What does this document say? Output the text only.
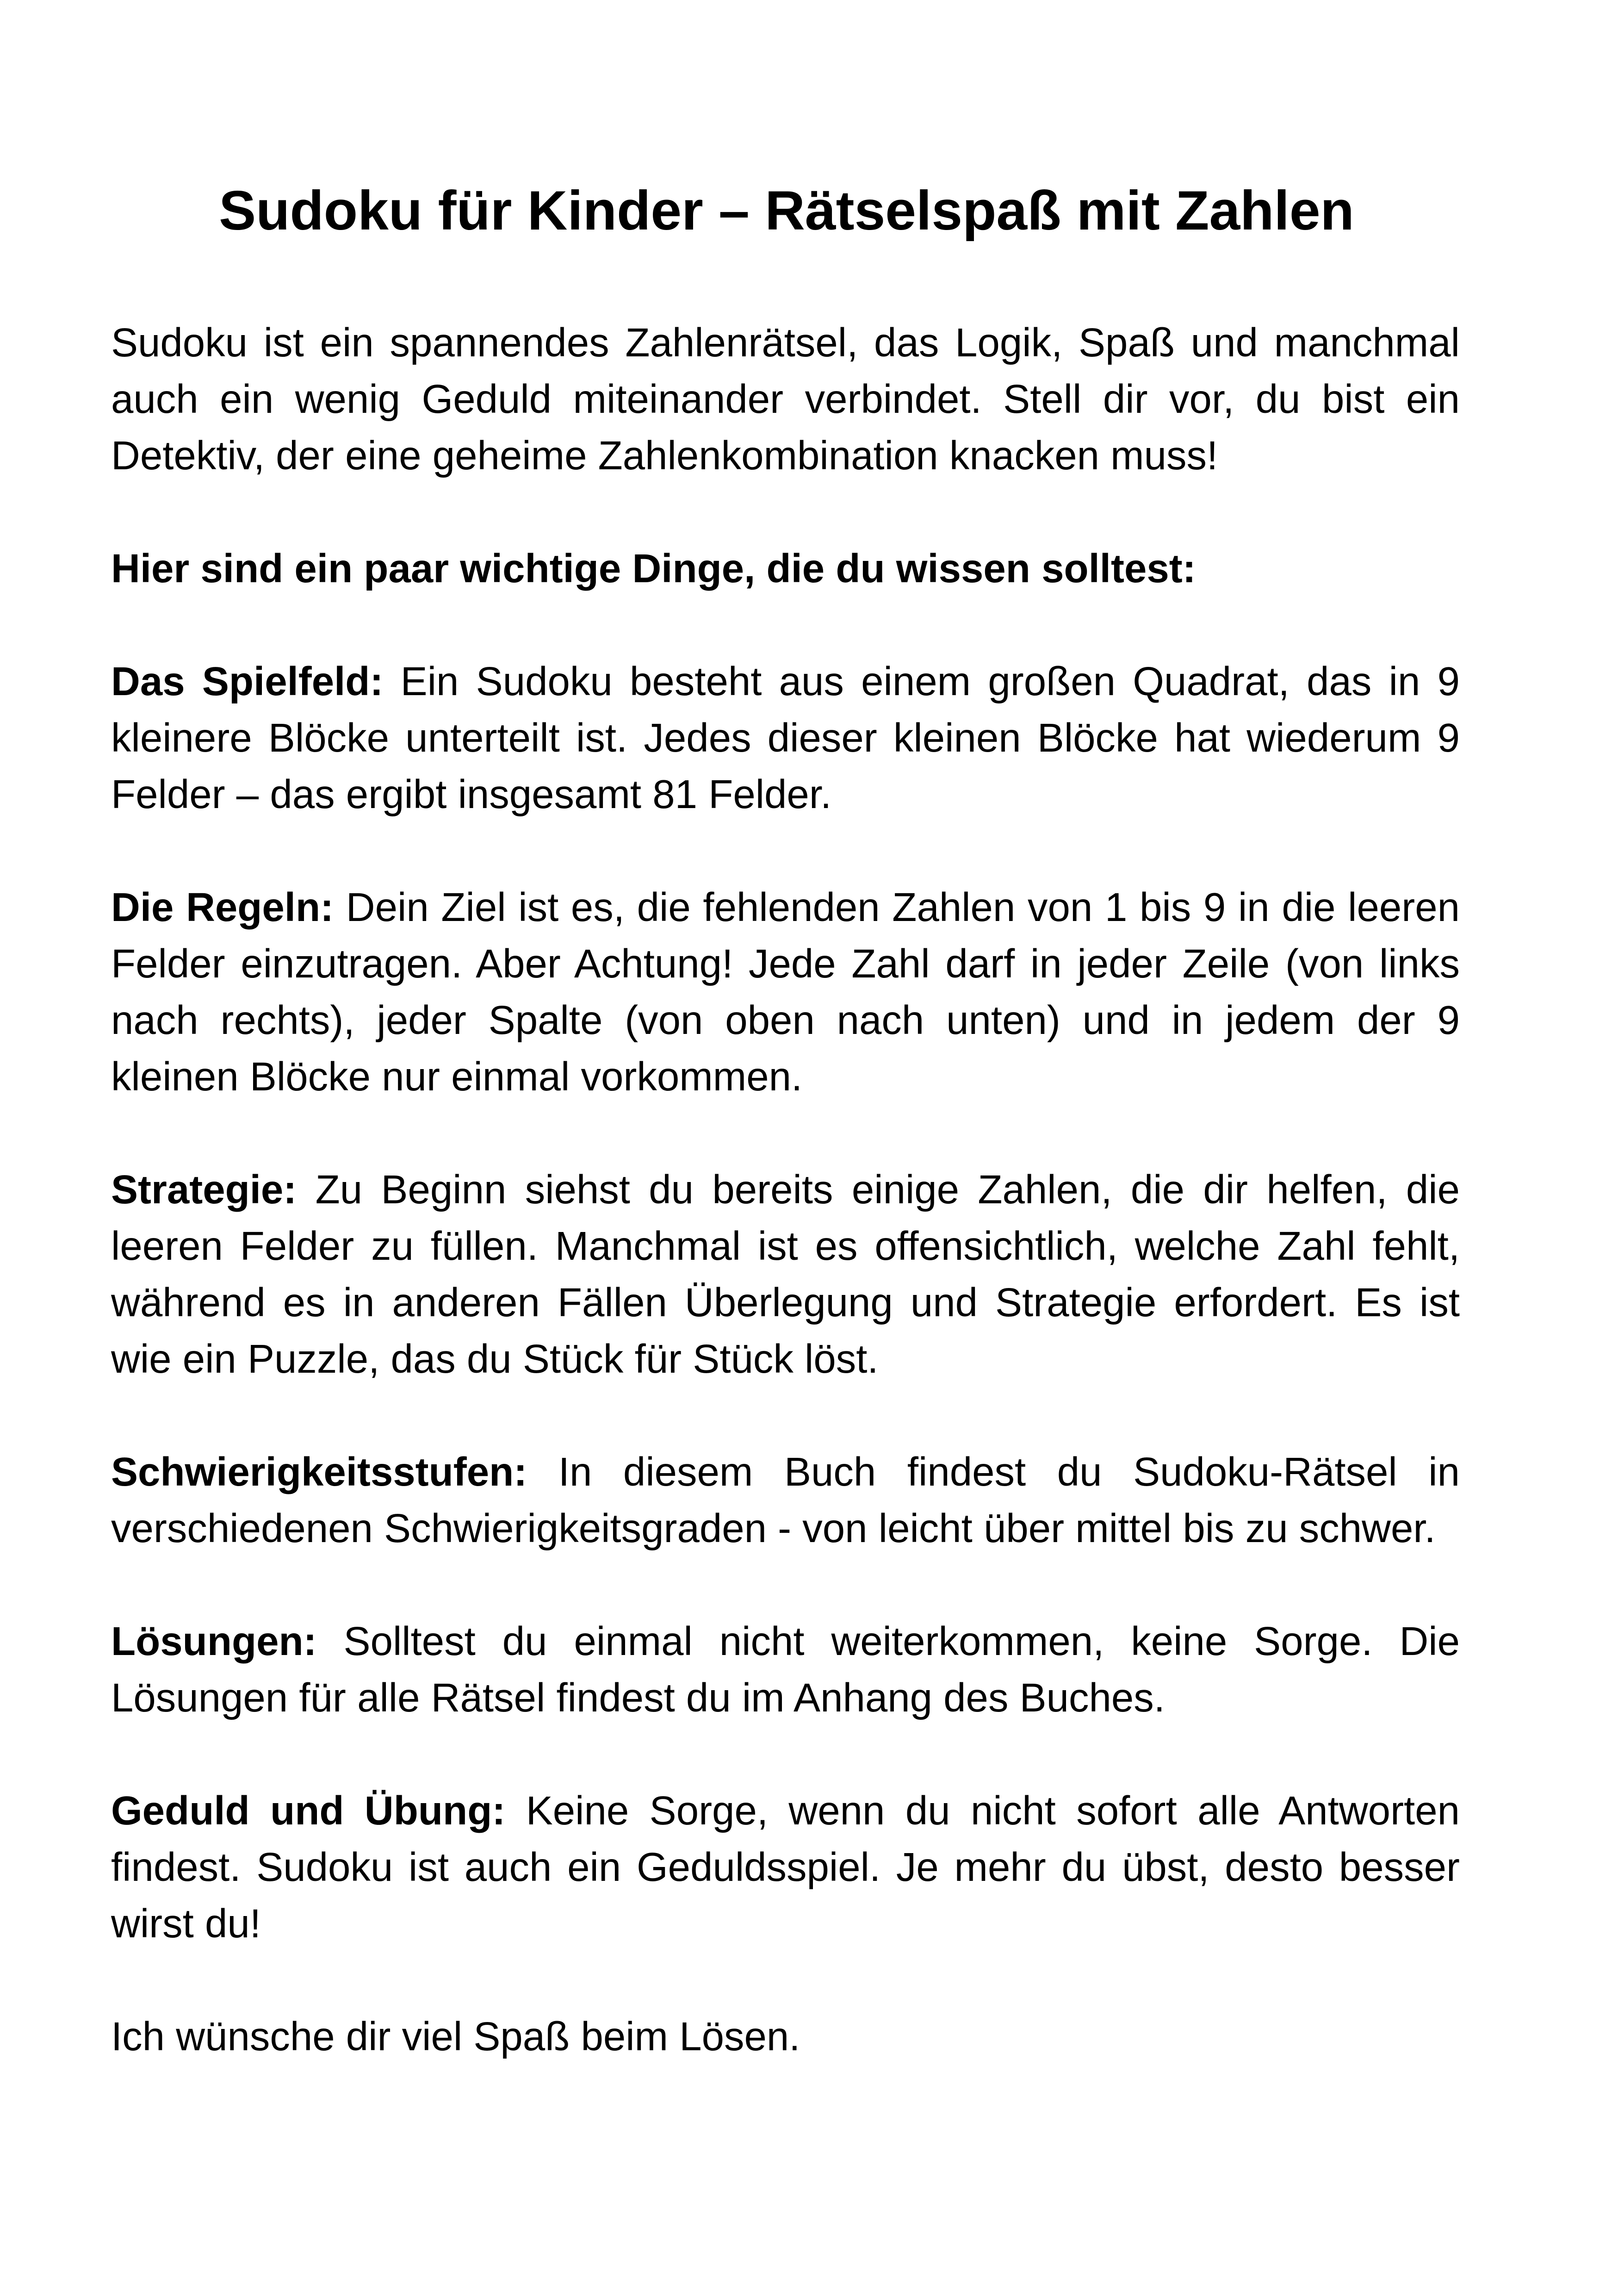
Sudoku für Kinder – Rätselspaß mit Zahlen

Sudoku ist ein spannendes Zahlenrätsel, das Logik, Spaß und manchmal auch ein wenig Geduld miteinander verbindet. Stell dir vor, du bist ein Detektiv, der eine geheime Zahlenkombination knacken muss!

Hier sind ein paar wichtige Dinge, die du wissen solltest:

Das Spielfeld: Ein Sudoku besteht aus einem großen Quadrat, das in 9 kleinere Blöcke unterteilt ist. Jedes dieser kleinen Blöcke hat wiederum 9 Felder – das ergibt insgesamt 81 Felder.

Die Regeln: Dein Ziel ist es, die fehlenden Zahlen von 1 bis 9 in die leeren Felder einzutragen. Aber Achtung! Jede Zahl darf in jeder Zeile (von links nach rechts), jeder Spalte (von oben nach unten) und in jedem der 9 kleinen Blöcke nur einmal vorkommen.

Strategie: Zu Beginn siehst du bereits einige Zahlen, die dir helfen, die leeren Felder zu füllen. Manchmal ist es offensichtlich, welche Zahl fehlt, während es in anderen Fällen Überlegung und Strategie erfordert. Es ist wie ein Puzzle, das du Stück für Stück löst.

Schwierigkeitsstufen: In diesem Buch findest du Sudoku-Rätsel in verschiedenen Schwierigkeitsgraden - von leicht über mittel bis zu schwer.

Lösungen: Solltest du einmal nicht weiterkommen, keine Sorge. Die Lösungen für alle Rätsel findest du im Anhang des Buches.

Geduld und Übung: Keine Sorge, wenn du nicht sofort alle Antworten findest. Sudoku ist auch ein Geduldsspiel. Je mehr du übst, desto besser wirst du!

Ich wünsche dir viel Spaß beim Lösen.
